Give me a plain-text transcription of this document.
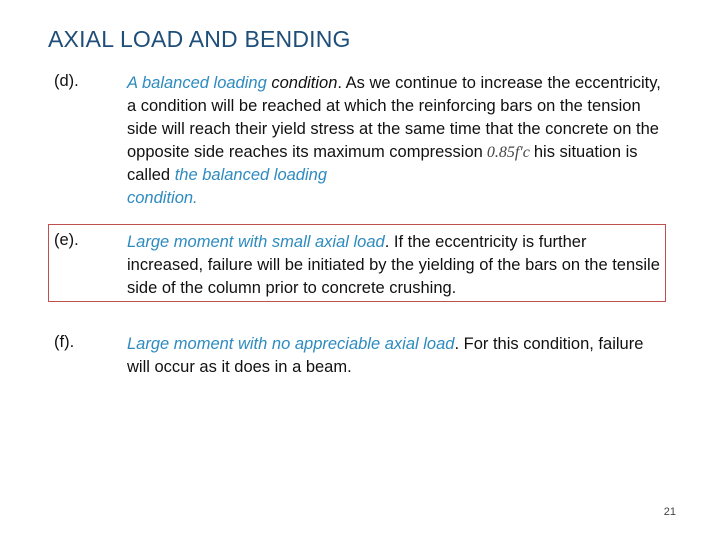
AXIAL LOAD AND BENDING
(d).	A balanced loading condition. As we continue to increase the eccentricity, a condition will be reached at which the reinforcing bars on the tension side will reach their yield stress at the same time that the concrete on the opposite side reaches its maximum compression 0.85f′c his situation is called the balanced loading
condition.
(e).	Large moment with small axial load. If the eccentricity is further increased, failure will be initiated by the yielding of the bars on the tensile side of the column prior to concrete crushing.
(f).	Large moment with no appreciable axial load. For this condition, failure will occur as it does in a beam.
21
